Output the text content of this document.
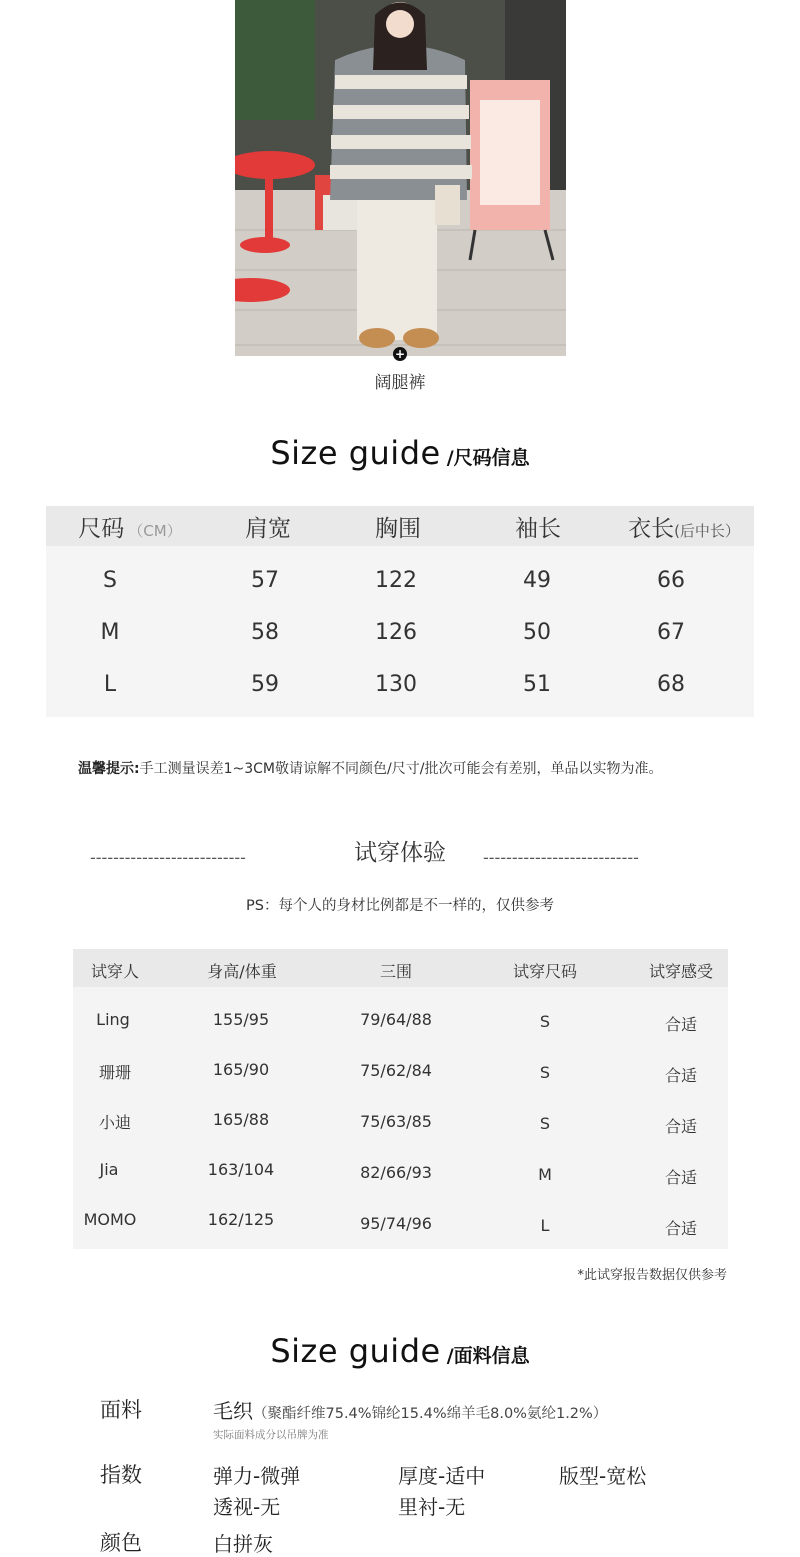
+
阔腿裤
Size guide /尺码信息
尺码 （CM）	肩宽	胸围	袖长	衣长(后中长）
S	57	122	49	66
M	58	126	50	67
L	59	130	51	68
温馨提示:手工测量误差1~3CM敬请谅解不同颜色/尺寸/批次可能会有差别，单品以实物为准。
---------------------------	试穿体验	---------------------------
PS：每个人的身材比例都是不一样的，仅供参考
试穿人	身高/体重	三围	试穿尺码	试穿感受
Ling	155/95	79/64/88	S	合适
珊珊	165/90	75/62/84	S	合适
小迪	165/88	75/63/85	S	合适
Jia	163/104	82/66/93	M	合适
MOMO	162/125	95/74/96	L	合适
*此试穿报告数据仅供参考
Size guide /面料信息
面料	毛织（聚酯纤维75.4%锦纶15.4%绵羊毛8.0%氨纶1.2%）
实际面料成分以吊牌为准
指数	弹力-微弹	厚度-适中	版型-宽松
透视-无	里衬-无
颜色	白拼灰
